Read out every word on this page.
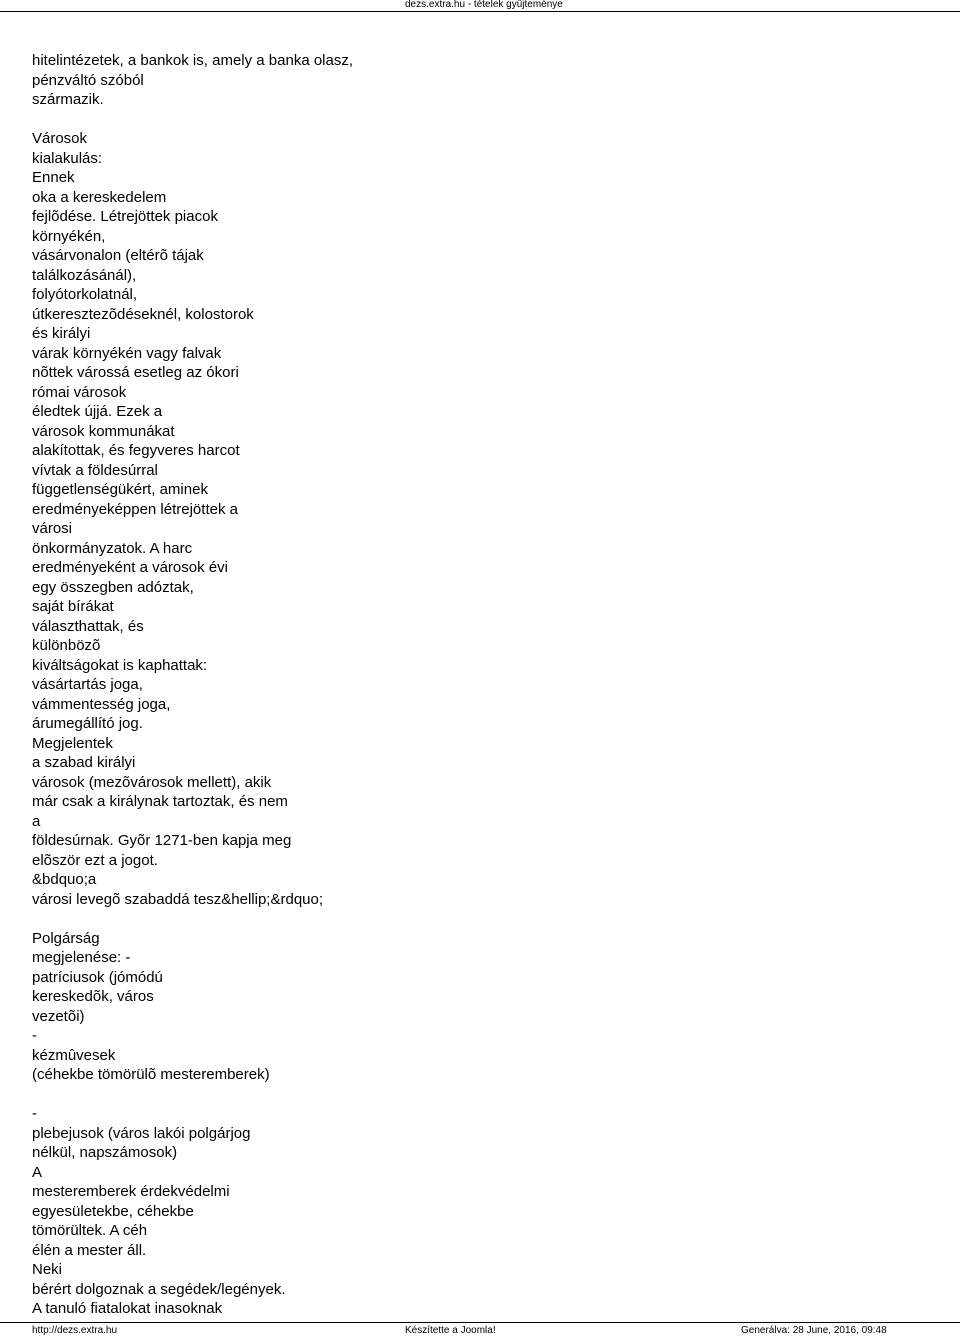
dezs.extra.hu - tételek gyűjteménye
hitelintézetek, a bankok is, amely a banka olasz,
pénzváltó szóból
származik.
Városok
kialakulás:
Ennek
oka a kereskedelem
fejlõdése. Létrejöttek piacok
környékén,
vásárvonalon (eltérõ tájak
találkozásánál),
folyótorkolatnál,
útkeresztezõdéseknél, kolostorok
és királyi
várak környékén vagy falvak
nõttek várossá esetleg az ókori
római városok
éledtek újjá. Ezek a
városok kommunákat
alakítottak, és fegyveres harcot
vívtak a földesúrral
függetlenségükért, aminek
eredményeképpen létrejöttek a
városi
önkormányzatok. A harc
eredményeként a városok évi
egy összegben adóztak,
saját bírákat
választhattak, és
különbözõ
kiváltságokat is kaphattak:
vásártartás joga,
vámmentesség joga,
árumegállító jog.
Megjelentek
a szabad királyi
városok (mezõvárosok mellett), akik
már csak a királynak tartoztak, és nem
a
földesúrnak. Gyõr 1271-ben kapja meg
elõször ezt a jogot.
&bdquo;a
városi levegõ szabaddá tesz&hellip;&rdquo;
Polgárság
megjelenése: -
patríciusok (jómódú
kereskedõk, város
vezetõi)
-
kézmûvesek
(céhekbe tömörülõ mesteremberek)
-
plebejusok (város lakói polgárjog
nélkül, napszámosok)
A
mesteremberek érdekvédelmi
egyesületekbe, céhekbe
tömörültek. A céh
élén a mester áll.
Neki
bérért dolgoznak a segédek/legények.
A tanuló fiatalokat inasoknak
http://dezs.extra.hu	Készítette a Joomla!	Generálva: 28 June, 2016, 09:48
